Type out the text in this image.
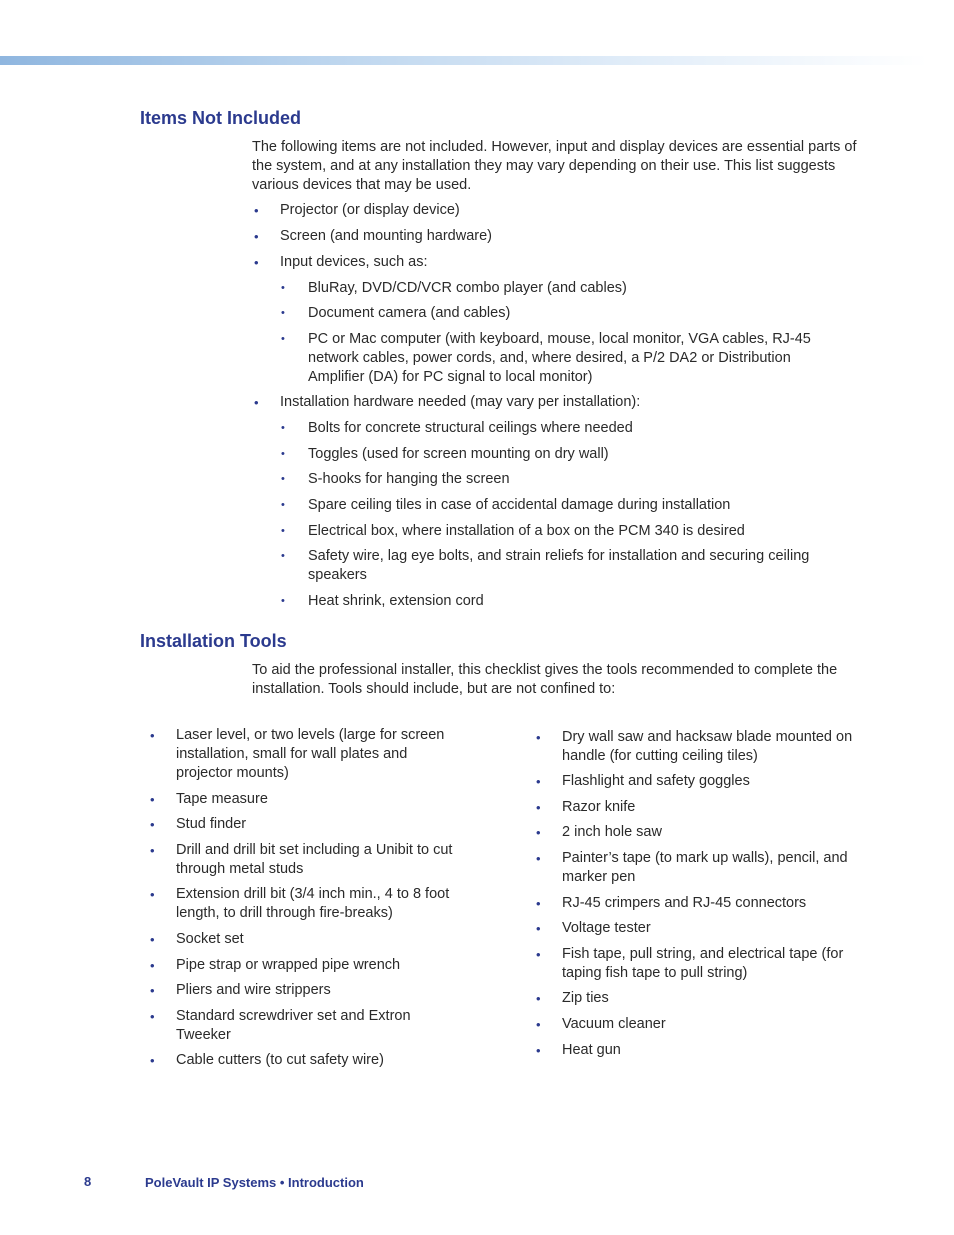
Items Not Included

The following items are not included. However, input and display devices are essential parts of the system, and at any installation they may vary depending on their use. This list suggests various devices that may be used.

• Projector (or display device)

• Screen (and mounting hardware)

• Input devices, such as:

• BluRay, DVD/CD/VCR combo player (and cables)

• Document camera (and cables)

• PC or Mac computer (with keyboard, mouse, local monitor, VGA cables, RJ-45 network cables, power cords, and, where desired, a P/2 DA2 or Distribution Amplifier (DA) for PC signal to local monitor)

• Installation hardware needed (may vary per installation):

• Bolts for concrete structural ceilings where needed

• Toggles (used for screen mounting on dry wall)

• S-hooks for hanging the screen

• Spare ceiling tiles in case of accidental damage during installation

• Electrical box, where installation of a box on the PCM 340 is desired

• Safety wire, lag eye bolts, and strain reliefs for installation and securing ceiling speakers

• Heat shrink, extension cord

Installation Tools

To aid the professional installer, this checklist gives the tools recommended to complete the installation. Tools should include, but are not confined to:

• Laser level, or two levels (large for screen installation, small for wall plates and projector mounts)

• Tape measure

• Stud finder

• Drill and drill bit set including a Unibit to cut through metal studs

• Extension drill bit (3/4 inch min., 4 to 8 foot length, to drill through fire-breaks)

• Socket set

• Pipe strap or wrapped pipe wrench

• Pliers and wire strippers

• Standard screwdriver set and Extron Tweeker

• Cable cutters (to cut safety wire)

• Dry wall saw and hacksaw blade mounted on handle (for cutting ceiling tiles)

• Flashlight and safety goggles

• Razor knife

• 2 inch hole saw

• Painter’s tape (to mark up walls), pencil, and marker pen

• RJ-45 crimpers and RJ-45 connectors

• Voltage tester

• Fish tape, pull string, and electrical tape (for taping fish tape to pull string)

• Zip ties

• Vacuum cleaner

• Heat gun

8	PoleVault IP Systems • Introduction
